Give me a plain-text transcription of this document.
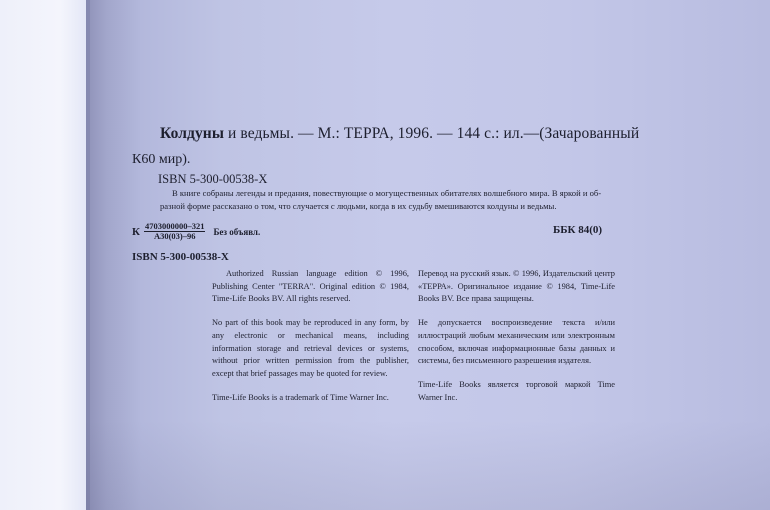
Колдуны и ведьмы. — М.: ТЕРРА, 1996. — 144 с.: ил.—(Зачарованный
К60 мир).
ISBN 5-300-00538-X
В книге собраны легенды и предания, повествующие о могущественных обитателях волшебного мира. В яркой и об-
разной форме рассказано о том, что случается с людьми, когда в их судьбу вмешиваются колдуны и ведьмы.
К $\frac{4703000000-321}{А30(03)-96}$ Без объявл.	ББК 84(0)
ISBN 5-300-00538-X

Authorized Russian language edition © 1996, Publishing Center "TERRA". Original edition © 1984, Time-Life Books BV. All rights reserved.

No part of this book may be reproduced in any form, by any electronic or mechanical means, including information storage and retrieval devices or systems, without prior written permission from the publisher, except that brief passages may be quoted for review.

Time-Life Books is a trademark of Time Warner Inc.

Перевод на русский язык. © 1996, Издательский центр «ТЕРРА». Оригинальное издание © 1984, Time-Life Books BV. Все права защищены.

Не допускается воспроизведение текста и/или иллюстраций любым механическим или электронным способом, включая информационные базы данных и системы, без письменного разрешения издателя.

Time-Life Books является торговой маркой Time Warner Inc.
